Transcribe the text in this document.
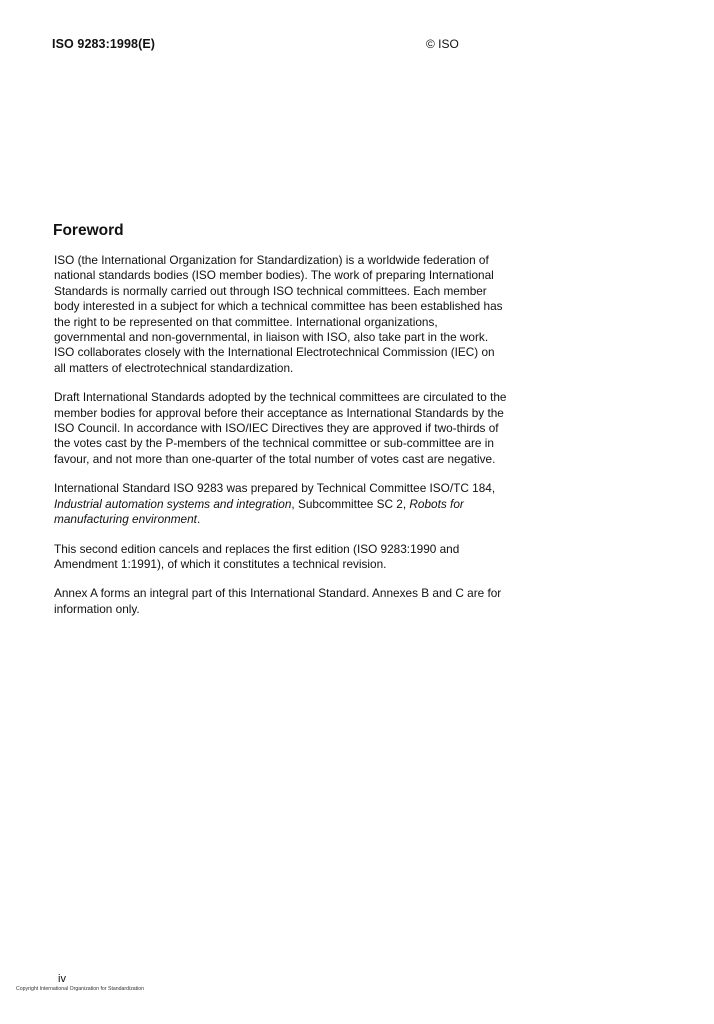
ISO 9283:1998(E)	© ISO
Foreword

ISO (the International Organization for Standardization) is a worldwide federation of
national standards bodies (ISO member bodies). The work of preparing International
Standards is normally carried out through ISO technical committees. Each member
body interested in a subject for which a technical committee has been established has
the right to be represented on that committee. International organizations,
governmental and non-governmental, in liaison with ISO, also take part in the work.
ISO collaborates closely with the International Electrotechnical Commission (IEC) on
all matters of electrotechnical standardization.

Draft International Standards adopted by the technical committees are circulated to the
member bodies for approval before their acceptance as International Standards by the
ISO Council. In accordance with ISO/IEC Directives they are approved if two-thirds of
the votes cast by the P-members of the technical committee or sub-committee are in
favour, and not more than one-quarter of the total number of votes cast are negative.

International Standard ISO 9283 was prepared by Technical Committee ISO/TC 184,
Industrial automation systems and integration, Subcommittee SC 2, Robots for
manufacturing environment.

This second edition cancels and replaces the first edition (ISO 9283:1990 and
Amendment 1:1991), of which it constitutes a technical revision.

Annex A forms an integral part of this International Standard. Annexes B and C are for
information only.

iv
Copyright International Organization for Standardization
